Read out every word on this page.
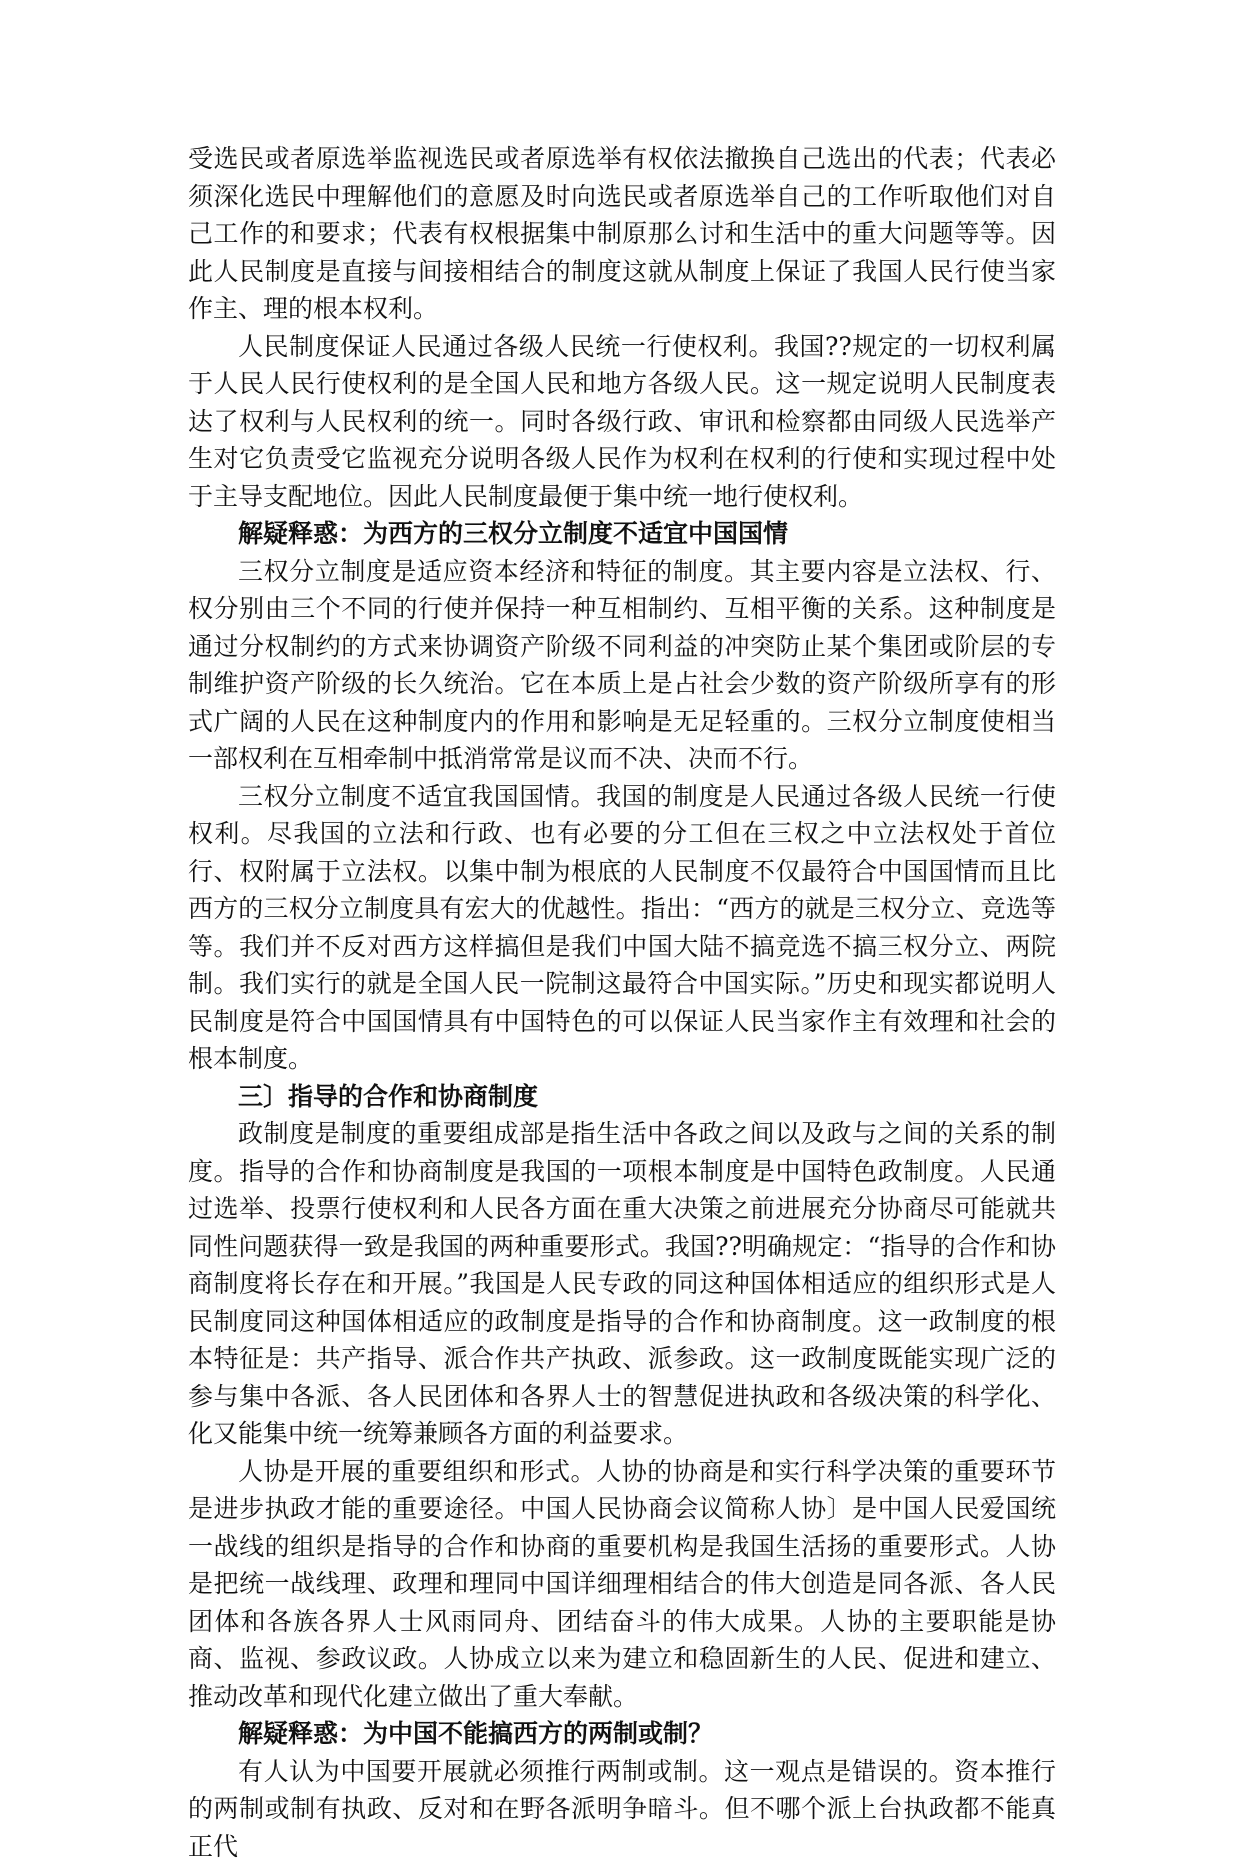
受选民或者原选举监视选民或者原选举有权依法撤换自己选出的代表；代表必须深化选民中理解他们的意愿及时向选民或者原选举自己的工作听取他们对自己工作的和要求；代表有权根据集中制原那么讨和生活中的重大问题等等。因此人民制度是直接与间接相结合的制度这就从制度上保证了我国人民行使当家作主、理的根本权利。

人民制度保证人民通过各级人民统一行使权利。我国??规定的一切权利属于人民人民行使权利的是全国人民和地方各级人民。这一规定说明人民制度表达了权利与人民权利的统一。同时各级行政、审讯和检察都由同级人民选举产生对它负责受它监视充分说明各级人民作为权利在权利的行使和实现过程中处于主导支配地位。因此人民制度最便于集中统一地行使权利。

解疑释惑：为西方的三权分立制度不适宜中国国情

三权分立制度是适应资本经济和特征的制度。其主要内容是立法权、行、权分别由三个不同的行使并保持一种互相制约、互相平衡的关系。这种制度是通过分权制约的方式来协调资产阶级不同利益的冲突防止某个集团或阶层的专制维护资产阶级的长久统治。它在本质上是占社会少数的资产阶级所享有的形式广阔的人民在这种制度内的作用和影响是无足轻重的。三权分立制度使相当一部权利在互相牵制中抵消常常是议而不决、决而不行。

三权分立制度不适宜我国国情。我国的制度是人民通过各级人民统一行使权利。尽我国的立法和行政、也有必要的分工但在三权之中立法权处于首位行、权附属于立法权。以集中制为根底的人民制度不仅最符合中国国情而且比西方的三权分立制度具有宏大的优越性。指出：“西方的就是三权分立、竞选等等。我们并不反对西方这样搞但是我们中国大陆不搞竞选不搞三权分立、两院制。我们实行的就是全国人民一院制这最符合中国实际。”历史和现实都说明人民制度是符合中国国情具有中国特色的可以保证人民当家作主有效理和社会的根本制度。

三〕指导的合作和协商制度

政制度是制度的重要组成部是指生活中各政之间以及政与之间的关系的制度。指导的合作和协商制度是我国的一项根本制度是中国特色政制度。人民通过选举、投票行使权利和人民各方面在重大决策之前进展充分协商尽可能就共同性问题获得一致是我国的两种重要形式。我国??明确规定：“指导的合作和协商制度将长存在和开展。”我国是人民专政的同这种国体相适应的组织形式是人民制度同这种国体相适应的政制度是指导的合作和协商制度。这一政制度的根本特征是：共产指导、派合作共产执政、派参政。这一政制度既能实现广泛的参与集中各派、各人民团体和各界人士的智慧促进执政和各级决策的科学化、化又能集中统一统筹兼顾各方面的利益要求。

人协是开展的重要组织和形式。人协的协商是和实行科学决策的重要环节是进步执政才能的重要途径。中国人民协商会议简称人协〕是中国人民爱国统一战线的组织是指导的合作和协商的重要机构是我国生活扬的重要形式。人协是把统一战线理、政理和理同中国详细理相结合的伟大创造是同各派、各人民团体和各族各界人士风雨同舟、团结奋斗的伟大成果。人协的主要职能是协商、监视、参政议政。人协成立以来为建立和稳固新生的人民、促进和建立、推动改革和现代化建立做出了重大奉献。

解疑释惑：为中国不能搞西方的两制或制？

有人认为中国要开展就必须推行两制或制。这一观点是错误的。资本推行的两制或制有执政、反对和在野各派明争暗斗。但不哪个派上台执政都不能真正代
